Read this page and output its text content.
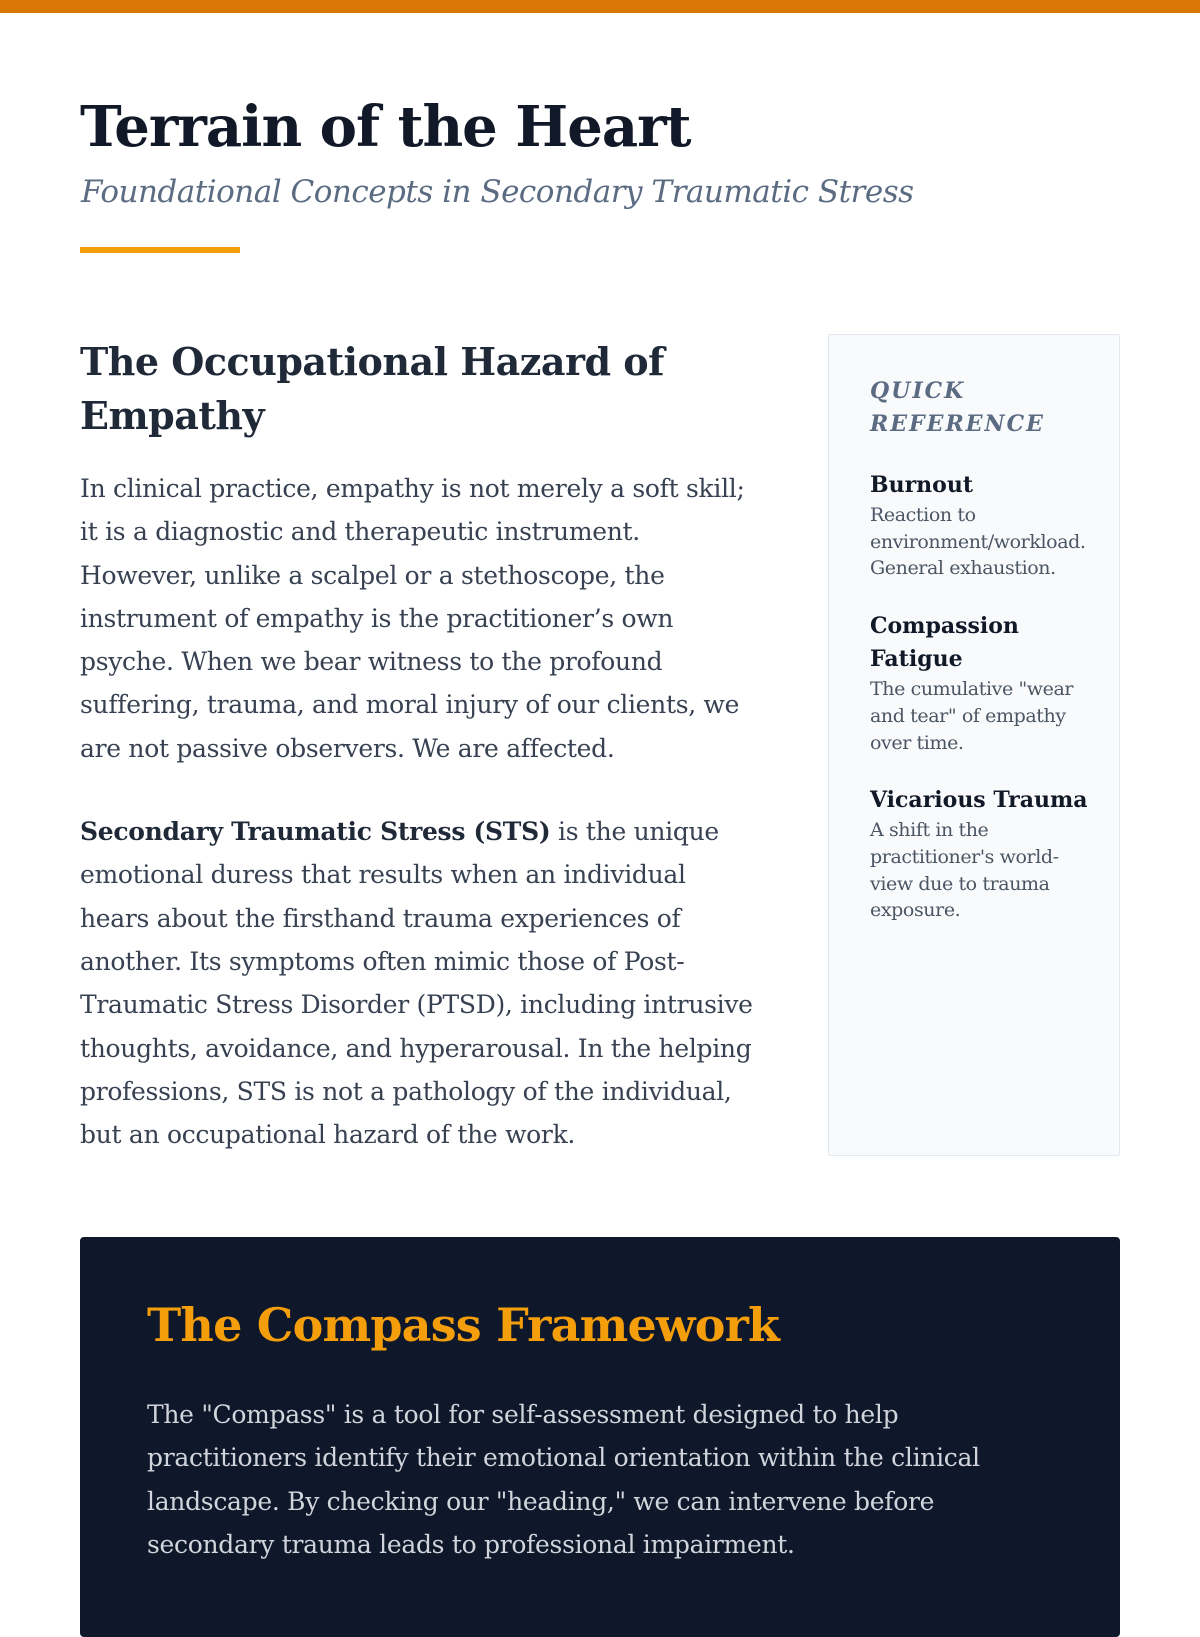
Terrain of the Heart

Foundational Concepts in Secondary Traumatic Stress

The Occupational Hazard of Empathy

In clinical practice, empathy is not merely a soft skill; it is a diagnostic and therapeutic instrument. However, unlike a scalpel or a stethoscope, the instrument of empathy is the practitioner’s own psyche. When we bear witness to the profound suffering, trauma, and moral injury of our clients, we are not passive observers. We are affected.

Secondary Traumatic Stress (STS) is the unique emotional duress that results when an individual hears about the firsthand trauma experiences of another. Its symptoms often mimic those of Post-Traumatic Stress Disorder (PTSD), including intrusive thoughts, avoidance, and hyperarousal. In the helping professions, STS is not a pathology of the individual, but an occupational hazard of the work.

QUICK REFERENCE
Burnout
Reaction to environment/workload. General exhaustion.
Compassion Fatigue
The cumulative "wear and tear" of empathy over time.
Vicarious Trauma
A shift in the practitioner's world-view due to trauma exposure.
The Compass Framework

The "Compass" is a tool for self-assessment designed to help practitioners identify their emotional orientation within the clinical landscape. By checking our "heading," we can intervene before secondary trauma leads to professional impairment.
